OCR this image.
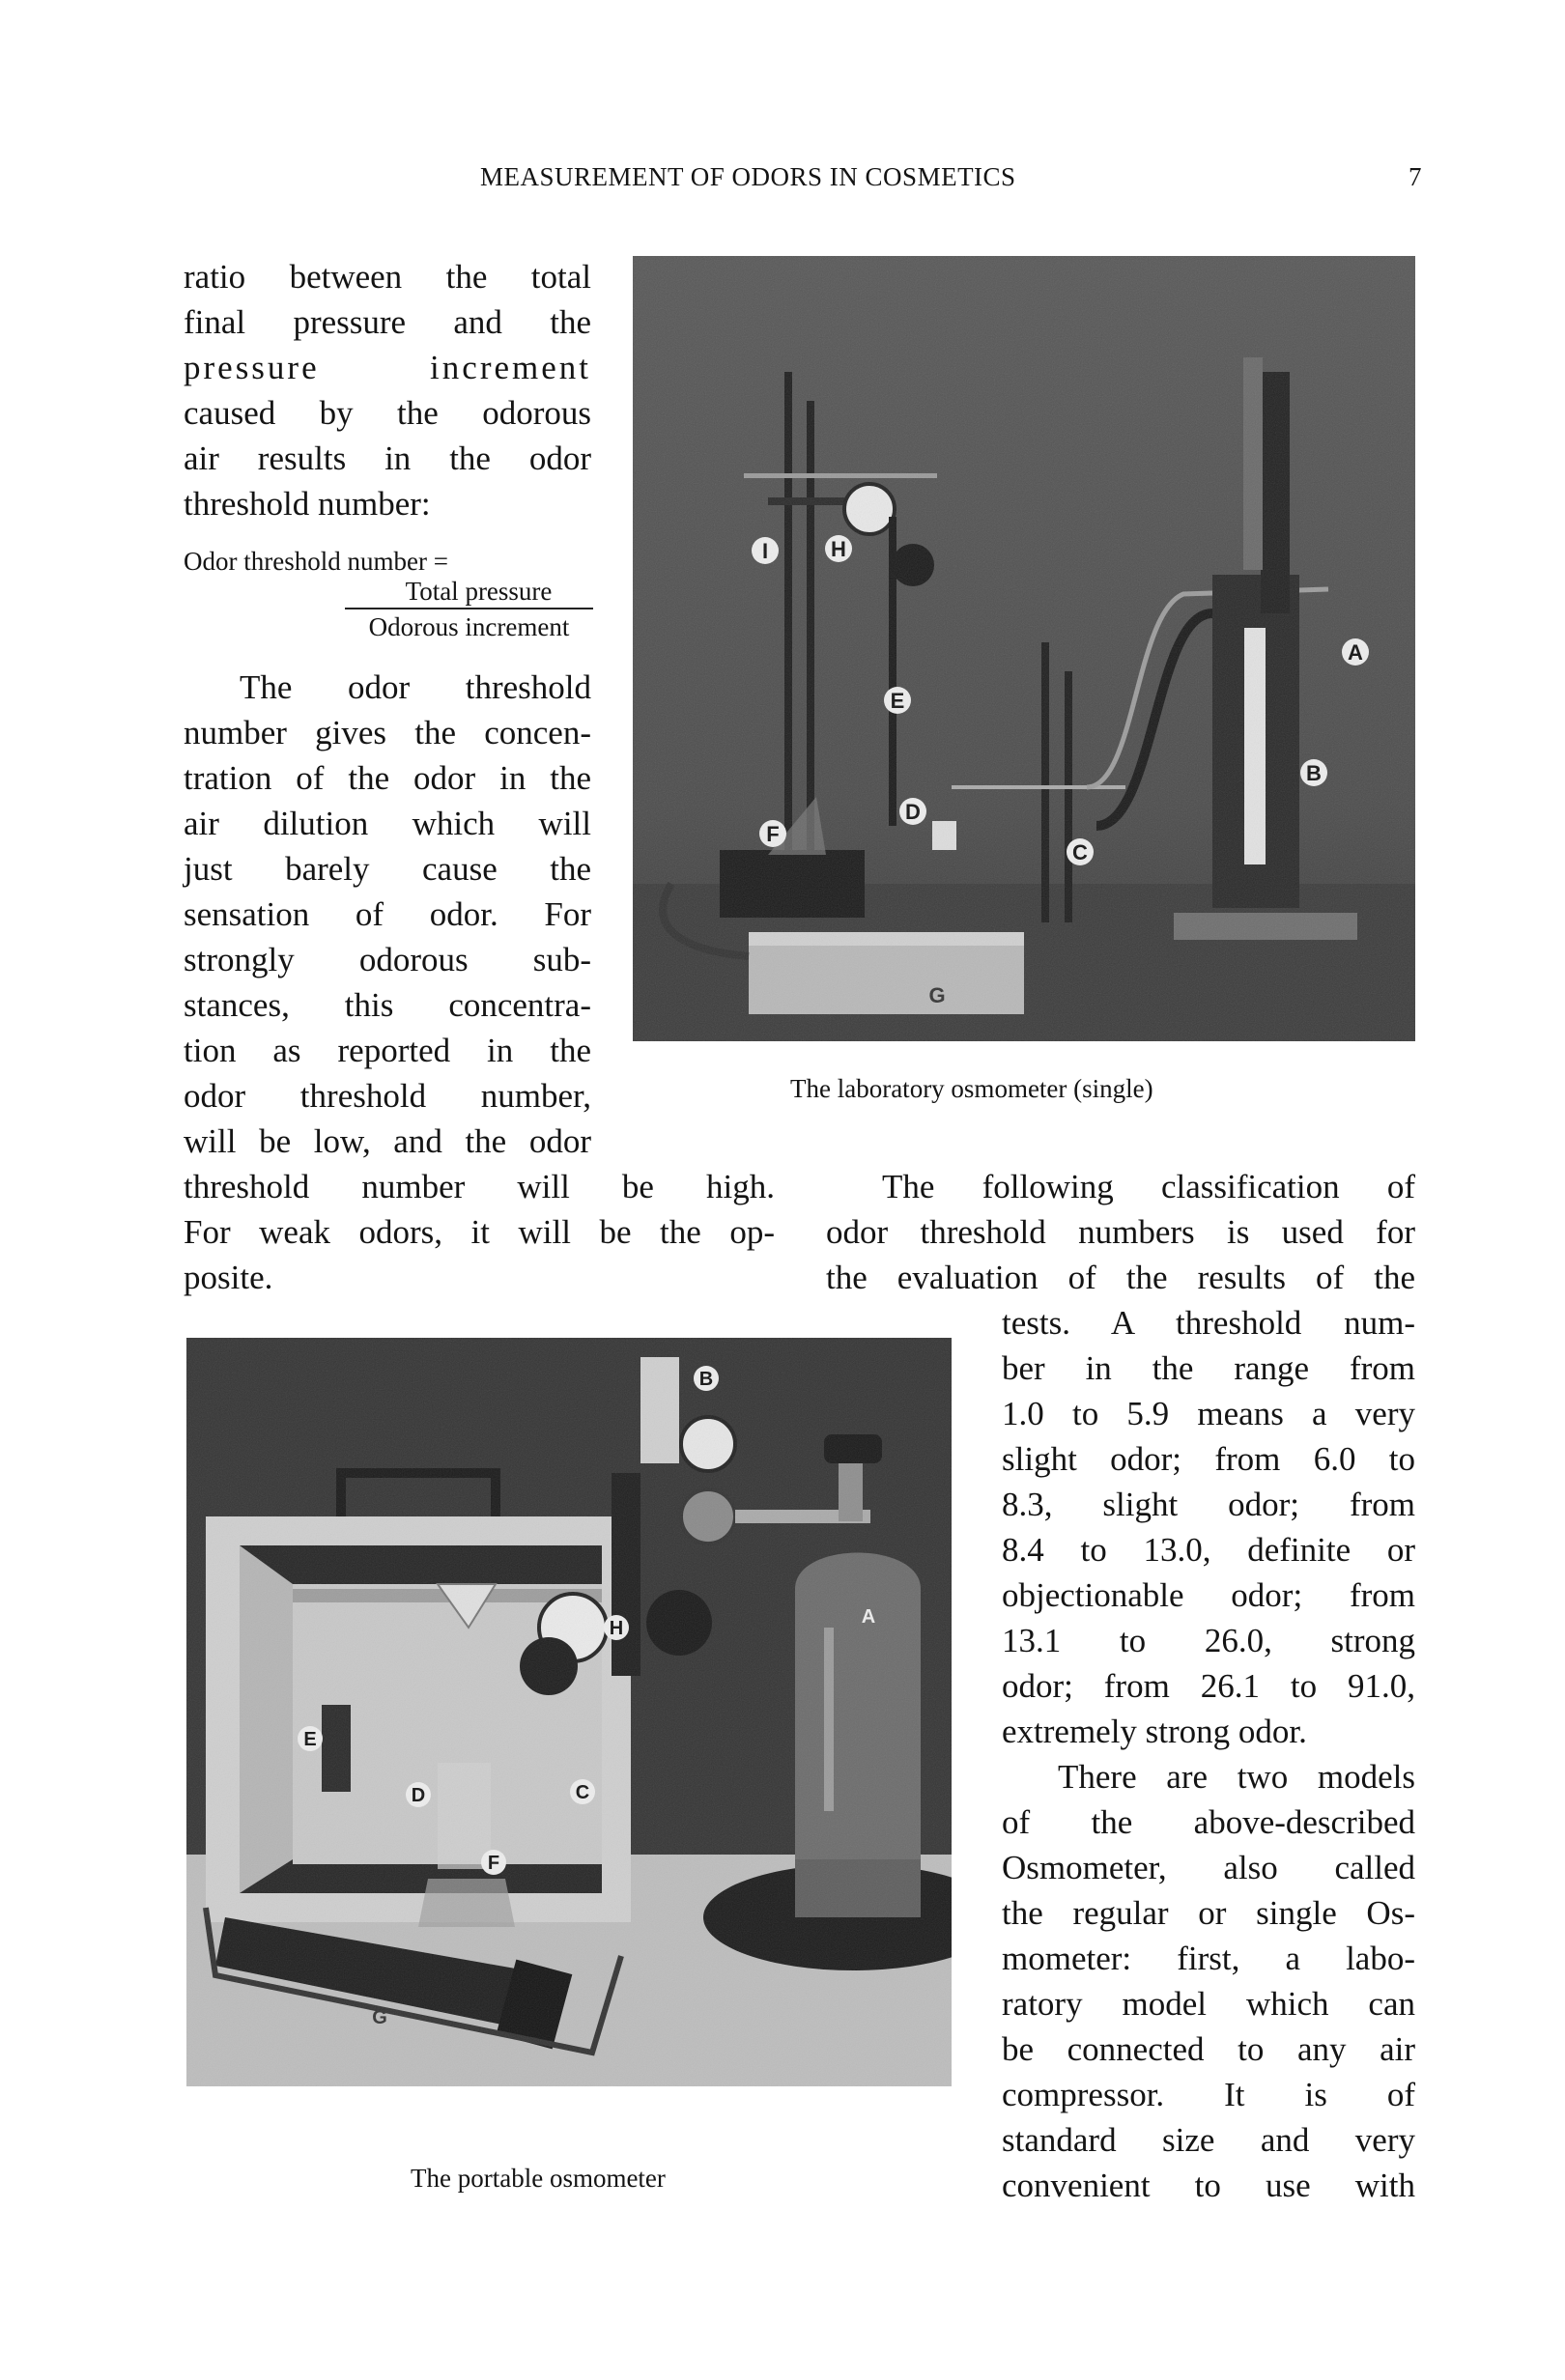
MEASUREMENT OF ODORS IN COSMETICS	7
ratio between the total
final pressure and the
pressure increment
caused by the odorous
air results in the odor
threshold number:
Odor threshold number =
Total pressure
Odorous increment
The odor threshold
number gives the concen-
tration of the odor in the
air dilution which will
just barely cause the
sensation of odor. For
strongly odorous sub-
stances, this concentra-
tion as reported in the
odor threshold number,
will be low, and the odor
threshold number will be high.
For weak odors, it will be the op-
posite.
The laboratory osmometer (single)
The following classification of
odor threshold numbers is used for
the evaluation of the results of the
tests. A threshold num-
ber in the range from
1.0 to 5.9 means a very
slight odor; from 6.0 to
8.3, slight odor; from
8.4 to 13.0, definite or
objectionable odor; from
13.1 to 26.0, strong
odor; from 26.1 to 91.0,
extremely strong odor.
There are two models
of the above-described
Osmometer, also called
the regular or single Os-
mometer: first, a labo-
ratory model which can
be connected to any air
compressor. It is of
standard size and very
convenient to use with
The portable osmometer
